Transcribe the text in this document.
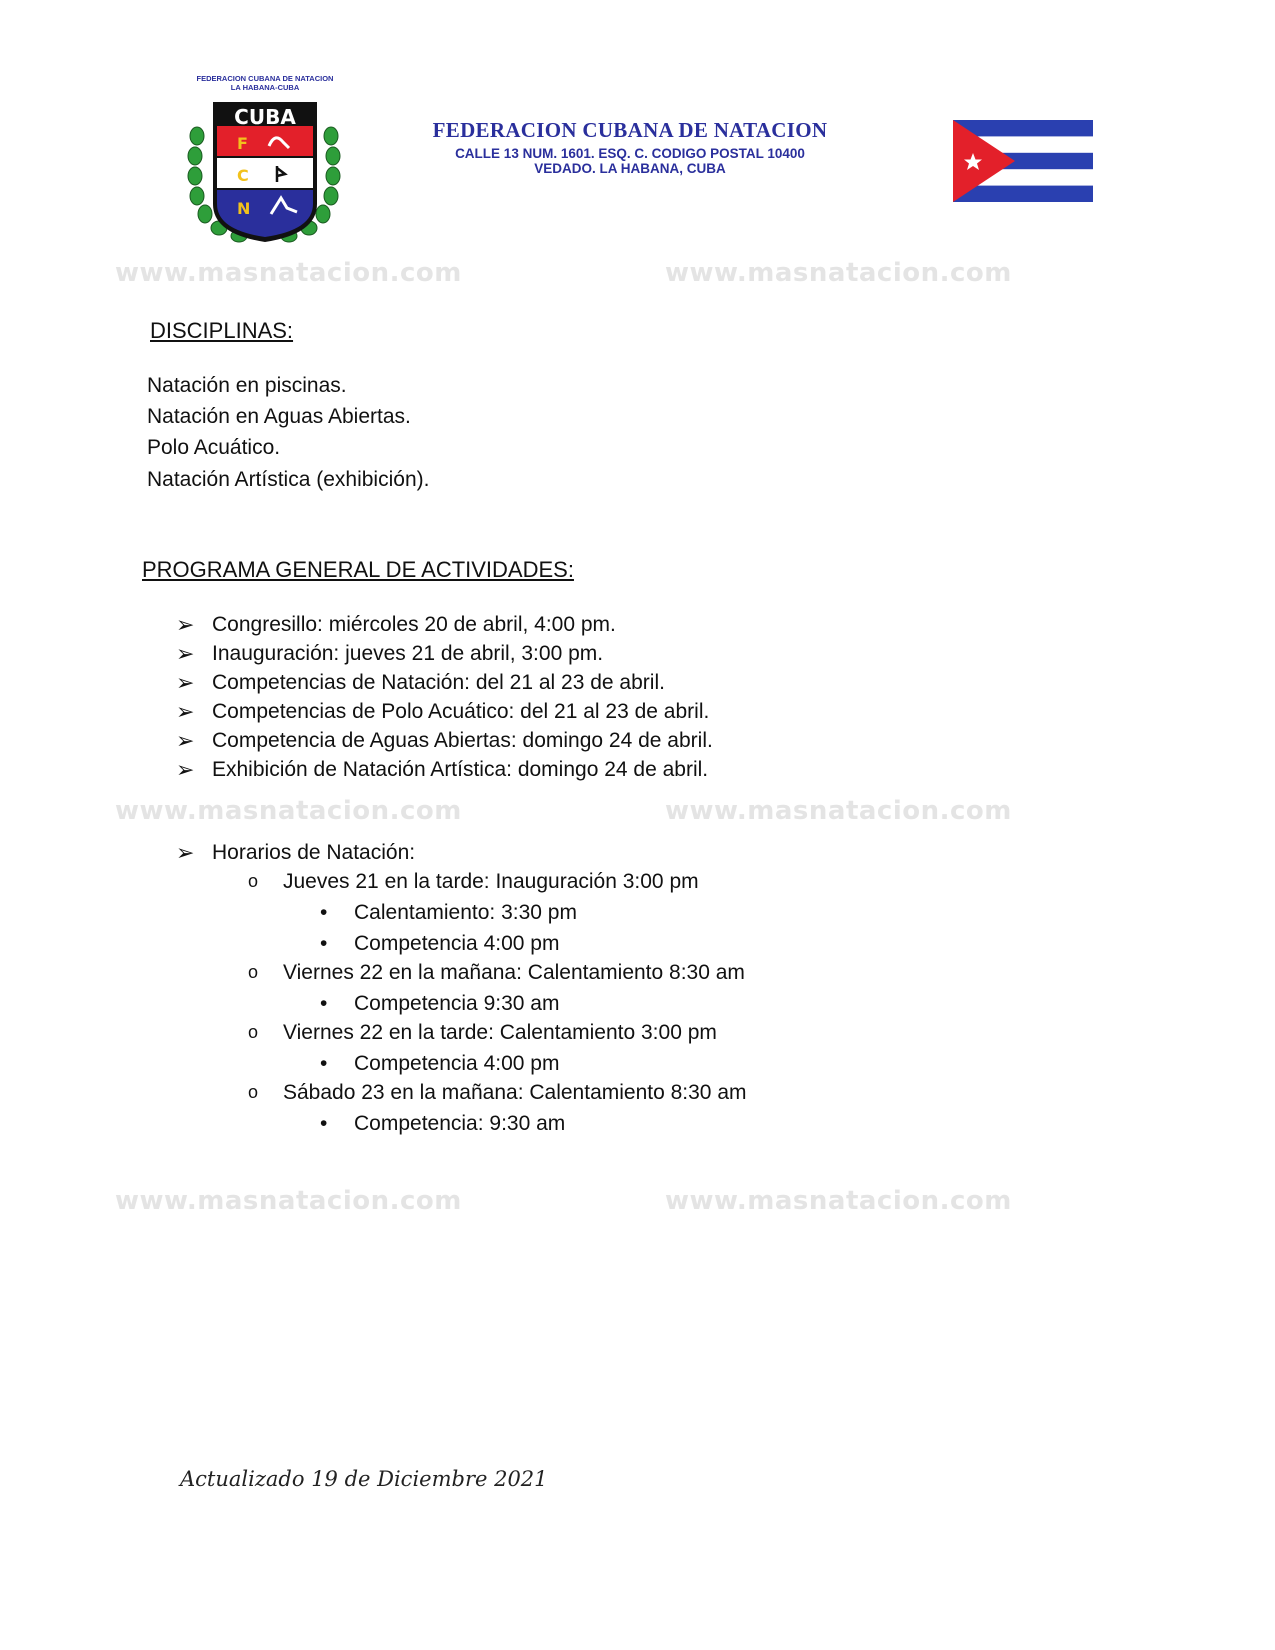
www.masnatacion.com	www.masnatacion.com
www.masnatacion.com	www.masnatacion.com
www.masnatacion.com	www.masnatacion.com
FEDERACION CUBANA DE NATACION
LA HABANA-CUBA
CUBA
F
C
N
FEDERACION CUBANA DE NATACION
CALLE 13 NUM. 1601. ESQ. C. CODIGO POSTAL 10400
VEDADO. LA HABANA, CUBA
DISCIPLINAS:
Natación en piscinas.
Natación en Aguas Abiertas.
Polo Acuático.
Natación Artística (exhibición).
PROGRAMA GENERAL DE ACTIVIDADES:
➢ Congresillo: miércoles 20 de abril, 4:00 pm.
➢ Inauguración: jueves 21 de abril, 3:00 pm.
➢ Competencias de Natación: del 21 al 23 de abril.
➢ Competencias de Polo Acuático: del 21 al 23 de abril.
➢ Competencia de Aguas Abiertas: domingo 24 de abril.
➢ Exhibición de Natación Artística: domingo 24 de abril.
➢ Horarios de Natación:
o Jueves 21 en la tarde: Inauguración 3:00 pm
• Calentamiento: 3:30 pm
• Competencia 4:00 pm
o Viernes 22 en la mañana: Calentamiento 8:30 am
• Competencia 9:30 am
o Viernes 22 en la tarde: Calentamiento 3:00 pm
• Competencia 4:00 pm
o Sábado 23 en la mañana: Calentamiento 8:30 am
• Competencia: 9:30 am
Actualizado 19 de Diciembre 2021
